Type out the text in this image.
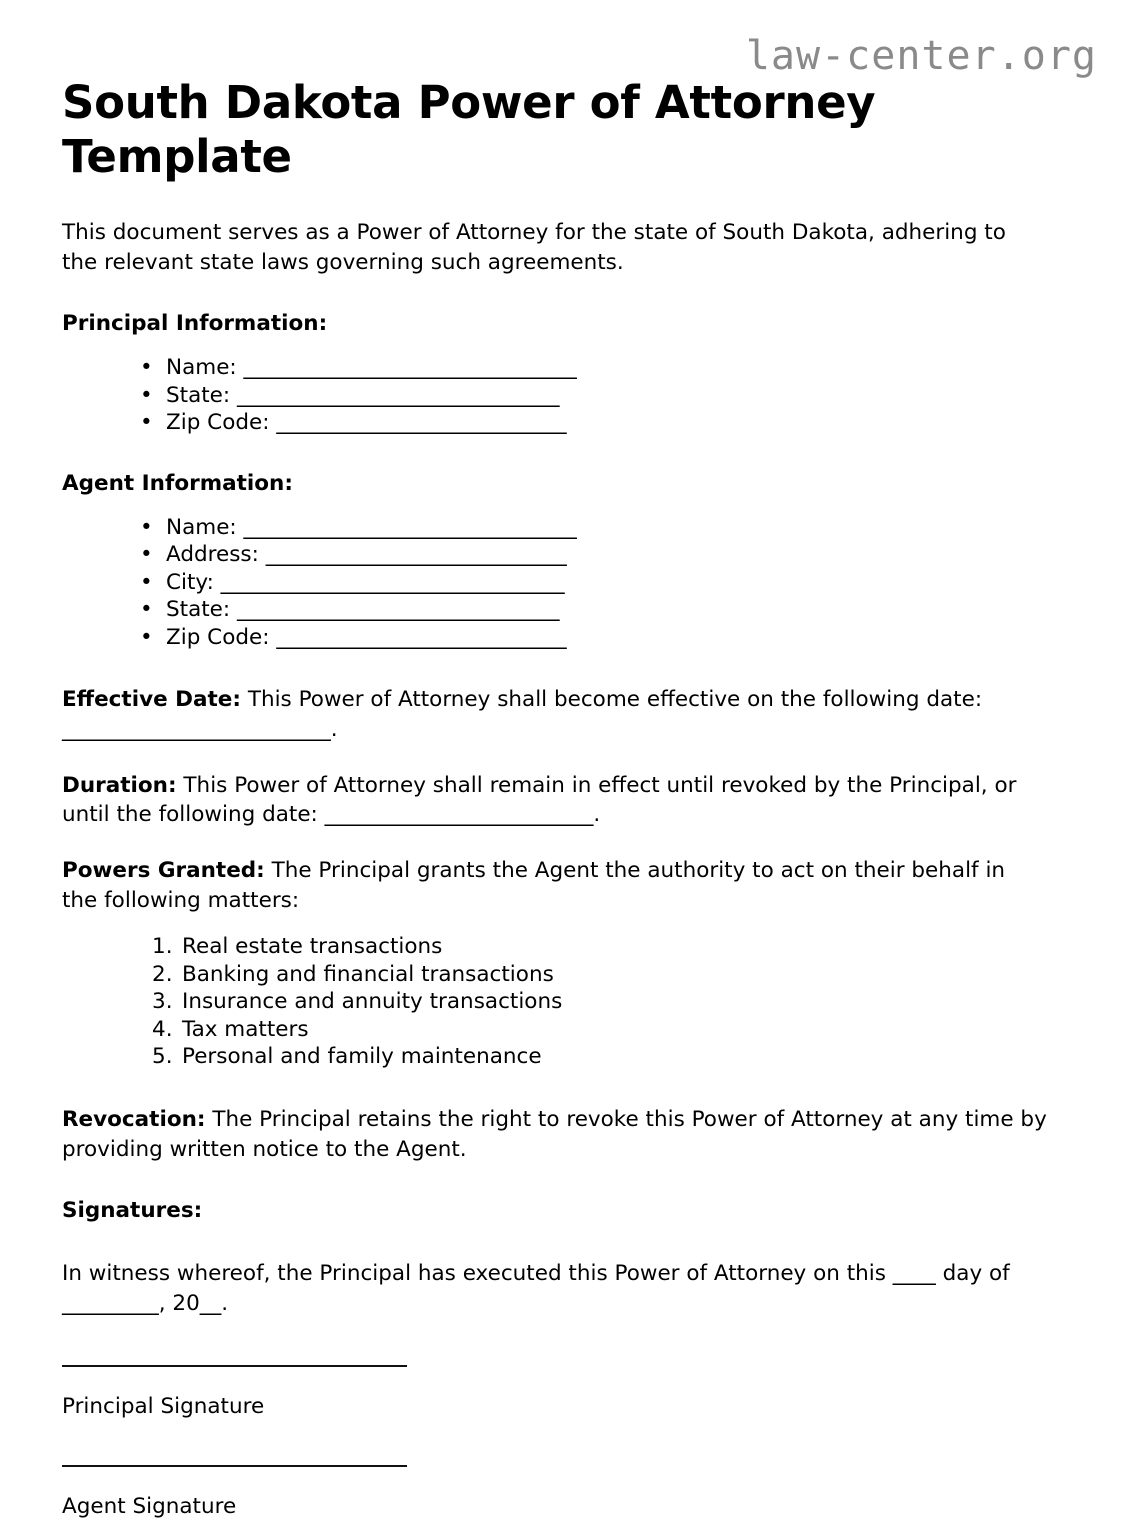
law-center.org
South Dakota Power of Attorney Template

This document serves as a Power of Attorney for the state of South Dakota, adhering to the relevant state laws governing such agreements.

Principal Information:
• Name: _______________________________
• State: ______________________________
• Zip Code: ___________________________
Agent Information:
• Name: _______________________________
• Address: ____________________________
• City: ________________________________
• State: ______________________________
• Zip Code: ___________________________

Effective Date: This Power of Attorney shall become effective on the following date: _________________________.

Duration: This Power of Attorney shall remain in effect until revoked by the Principal, or until the following date: _________________________.

Powers Granted: The Principal grants the Agent the authority to act on their behalf in the following matters:

Real estate transactions
Banking and financial transactions
Insurance and annuity transactions
Tax matters
Personal and family maintenance

Revocation: The Principal retains the right to revoke this Power of Attorney at any time by providing written notice to the Agent.

Signatures:

In witness whereof, the Principal has executed this Power of Attorney on this ____ day of _________, 20__.

Principal Signature

Agent Signature
